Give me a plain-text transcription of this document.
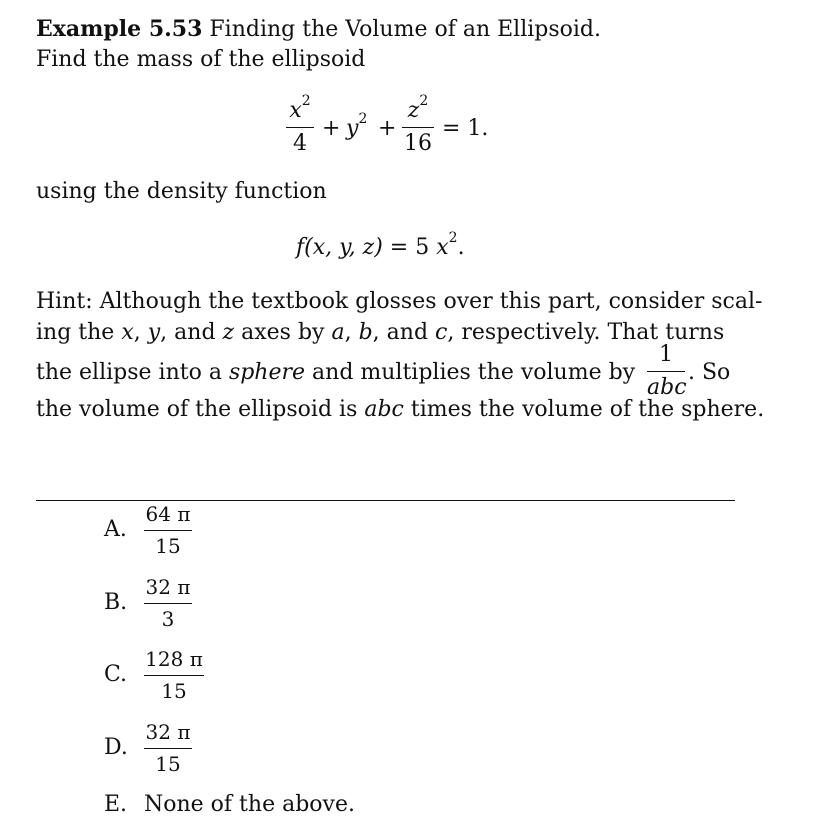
Example 5.53 Finding the Volume of an Ellipsoid.
Find the mass of the ellipsoid
$x^2$
4
+ $y^2$ +
$z^2$
16
= 1.
using the density function
f(x, y, z) = 5 $x^2$.
Hint: Although the textbook glosses over this part, consider scal-
ing the x, y, and z axes by a, b, and c, respectively. That turns
the ellipse into a sphere and multiplies the volume by
1
abc
. So
the volume of the ellipsoid is abc times the volume of the sphere.
A.
64 π
15
B.
32 π
3
C.
128 π
15
D.
32 π
15
E. None of the above.
